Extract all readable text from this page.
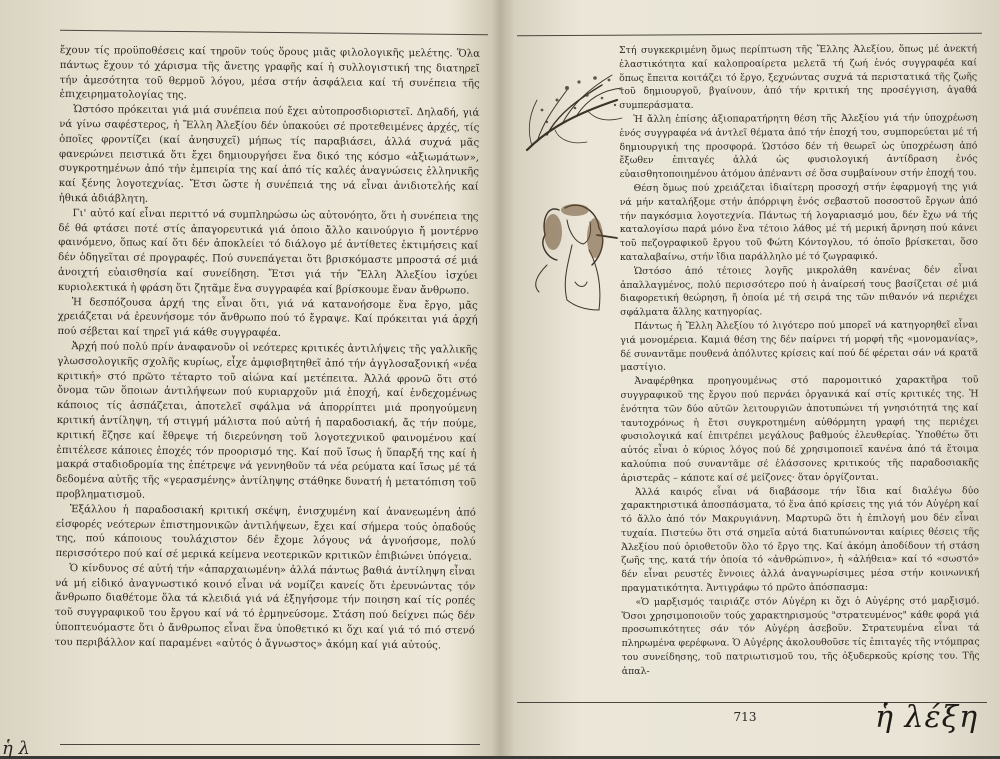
ἔχουν τίς προϋποθέσεις καί τηροῦν τούς ὅρους μιᾶς φιλολογικῆς μελέτης. Ὅλα πάντως ἔχουν τό χάρισμα τῆς ἄνετης γραφῆς καί ἡ συλλογιστική της διατηρεῖ τήν ἀμεσότητα τοῦ θερμοῦ λόγου, μέσα στήν ἀσφάλεια καί τή συνέπεια τῆς ἐπιχειρηματολογίας της.

Ὡστόσο πρόκειται γιά μιά συνέπεια πού ἔχει αὐτοπροσδιοριστεῖ. Δηλαδή, γιά νά γίνω σαφέστερος, ἡ Ἔλλη Ἀλεξίου δέν ὑπακούει σέ προτεθειμένες ἀρχές, τίς ὁποῖες φροντίζει (καί ἀνησυχεῖ) μήπως τίς παραβιάσει, ἀλλά συχνά μᾶς φανερώνει πειστικά ὅτι ἔχει δημιουργήσει ἕνα δικό της κόσμο «ἀξιωμάτων», συγκροτημένων ἀπό τήν ἐμπειρία της καί ἀπό τίς καλές ἀναγνώσεις ἑλληνικῆς καί ξένης λογοτεχνίας. Ἔτσι ὥστε ἡ συνέπειά της νά εἶναι ἀνιδιοτελής καί ἠθικά ἀδιάβλητη.

Γι' αὐτό καί εἶναι περιττό νά συμπληρώσω ὡς αὐτονόητο, ὅτι ἡ συνέπεια της δέ θά φτάσει ποτέ στίς ἀπαγορευτικά γιά ὁποιο ἄλλο καινούργιο ἤ μοντέρνο φαινόμενο, ὅπως καί ὅτι δέν ἀποκλείει τό διάλογο μέ ἀντίθετες ἐκτιμήσεις καί δέν ὁδηγεῖται σέ προγραφές. Πού συνεπάγεται ὅτι βρισκόμαστε μπροστά σέ μιά ἀνοιχτή εὐαισθησία καί συνείδηση. Ἔτσι γιά τήν Ἔλλη Ἀλεξίου ἰσχύει κυριολεκτικά ἡ φράση ὅτι ζητᾶμε ἕνα συγγραφέα καί βρίσκουμε ἕναν ἄνθρωπο.

Ἡ δεσπόζουσα ἀρχή της εἶναι ὅτι, γιά νά κατανοήσομε ἕνα ἔργο, μᾶς χρειάζεται νά ἐρευνήσομε τόν ἄνθρωπο πού τό ἔγραψε. Καί πρόκειται γιά ἀρχή πού σέβεται καί τηρεῖ γιά κάθε συγγραφέα.

Ἀρχή πού πολύ πρίν ἀναφανοῦν οἱ νεότερες κριτικές ἀντιλήψεις τῆς γαλλικῆς γλωσσολογικῆς σχολῆς κυρίως, εἶχε ἀμφισβητηθεῖ ἀπό τήν ἀγγλοσαξονική «νέα κριτική» στό πρῶτο τέταρτο τοῦ αἰώνα καί μετέπειτα. Ἀλλά φρονῶ ὅτι στό ὄνομα τῶν ὅποιων ἀντιλήψεων πού κυριαρχοῦν μιά ἐποχή, καί ἐνδεχομένως κάποιος τίς ἀσπάζεται, ἀποτελεῖ σφάλμα νά ἀπορρίπτει μιά προηγούμενη κριτική ἀντίληψη, τή στιγμή μάλιστα πού αὐτή ἡ παραδοσιακή, ἄς τήν πούμε, κριτική ἔζησε καί ἔθρεψε τή διερεύνηση τοῦ λογοτεχνικοῦ φαινομένου καί ἐπιτέλεσε κάποιες ἐποχές τόν προορισμό της. Καί ποῦ ἴσως ἡ ὕπαρξή της καί ἡ μακρά σταδιοδρομία της ἐπέτρεψε νά γεννηθοῦν τά νέα ρεύματα καί ἴσως μέ τά δεδομένα αὐτῆς τῆς «γερασμένης» ἀντίληψης στάθηκε δυνατή ἡ μετατόπιση τοῦ προβληματισμοῦ.

Ἐξάλλου ἡ παραδοσιακή κριτική σκέψη, ἐνισχυμένη καί ἀνανεωμένη ἀπό εἰσφορές νεότερων ἐπιστημονικῶν ἀντιλήψεων, ἔχει καί σήμερα τούς ὀπαδούς της, πού κάποιους τουλάχιστον δέν ἔχομε λόγους νά ἀγνοήσομε, πολύ περισσότερο πού καί σέ μερικά κείμενα νεοτερικῶν κριτικῶν ἐπιβιώνει ὑπόγεια.

Ὁ κίνδυνος σέ αὐτή τήν «ἀπαρχαιωμένη» ἀλλά πάντως βαθιά ἀντίληψη εἶναι νά μή εἰδικό ἀναγνωστικό κοινό εἶναι νά νομίζει κανείς ὅτι ἐρευνώντας τόν ἄνθρωπο διαθέτομε ὅλα τά κλειδιά γιά νά ἐξηγήσομε τήν ποιηση καί τίς ροπές τοῦ συγγραφικοῦ του ἔργου καί νά τό ἑρμηνεύσομε. Στάση πού δείχνει πώς δέν ὑποπτευόμαστε ὅτι ὁ ἄνθρωπος εἶναι ἕνα ὑποθετικό κι ὅχι καί γιά τό πιό στενό του περιβάλλον καί παραμένει «αὐτός ὁ ἄγνωστος» ἀκόμη καί γιά αὐτούς.

ἡ λ

Στή συγκεκριμένη ὅμως περίπτωση τῆς Ἔλλης Ἀλεξίου, ὅπως μέ ἀνεκτή ἐλαστικότητα καί καλοπροαίρετα μελετᾶ τή ζωή ἑνός συγγραφέα καί ὅπως ἔπειτα κοιτάζει τό ἔργο, ξεχνώντας συχνά τά περιστατικά τῆς ζωῆς τοῦ δημιουργοῦ, βγαίνουν, ἀπό τήν κριτική της προσέγγιση, ἀγαθά συμπεράσματα.

Ἡ ἄλλη ἐπίσης ἀξιοπαρατήρητη θέση τῆς Ἀλεξίου γιά τήν ὑποχρέωση ἑνός συγγραφέα νά ἀντλεῖ θέματα ἀπό τήν ἐποχή του, συμπορεύεται μέ τή δημιουργική της προσφορά. Ὡστόσο δέν τή θεωρεῖ ὡς ὑποχρέωση ἀπό ἔξωθεν ἐπιταγές ἀλλά ὡς φυσιολογική ἀντίδραση ἑνός εὐαισθητοποιημένου ἀτόμου ἀπέναντι σέ ὅσα συμβαίνουν στήν ἐποχή του.

Θέση ὅμως πού χρειάζεται ἰδιαίτερη προσοχή στήν ἐφαρμογή της γιά νά μήν καταλήξομε στήν ἀπόρριψη ἑνός σεβαστοῦ ποσοστοῦ ἔργων ἀπό τήν παγκόσμια λογοτεχνία. Πάντως τή λογαριασμό μου, δέν ἔχω νά τής καταλογίσω παρά μόνο ἕνα τέτοιο λάθος μέ τή μερική ἄρνηση πού κάνει τοῦ πεζογραφικοῦ ἔργου τοῦ Φώτη Κόντογλου, τό ὁποῖο βρίσκεται, ὅσο καταλαβαίνω, στήν ἴδια παράλληλο μέ τό ζωγραφικό.

Ὡστόσο ἀπό τέτοιες λογῆς μικρολάθη κανένας δέν εἶναι ἀπαλλαγμένος, πολύ περισσότερο πού ἡ ἀναίρεσή τους βασίζεται σέ μιά διαφορετική θεώρηση, ἤ ὁποία μέ τή σειρά της τῶν πιθανόν νά περιέχει σφάλματα ἄλλης κατηγορίας.

Πάντως ἡ Ἔλλη Ἀλεξίου τό λιγότερο πού μπορεῖ νά κατηγορηθεῖ εἶναι γιά μονομέρεια. Καμιά θέση της δέν παίρνει τή μορφή τῆς «μονομανίας», δέ συναντᾶμε πουθενά ἀπόλυτες κρίσεις καί πού δέ φέρεται σάν νά κρατᾶ μαστίγιο.

Ἀναφέρθηκα προηγουμένως στό παρομοιτικό χαρακτῆρα τοῦ συγγραφικοῦ της ἔργου πού περνάει ὀργανικά καί στίς κριτικές της. Ἡ ἑνότητα τῶν δύο αὐτῶν λειτουργιῶν ἀποτυπώνει τή γνησιότητά της καί ταυτοχρόνως ἡ ἔτσι συγκροτημένη αὐθόρμητη γραφή της περιέχει φυσιολογικά καί ἐπιτρέπει μεγάλους βαθμούς ἐλευθερίας. Ὑποθέτω ὅτι αὐτός εἶναι ὁ κύριος λόγος πού δέ χρησιμοποιεῖ κανένα ἀπό τά ἕτοιμα καλούπια πού συναντᾶμε σέ ἐλάσσονες κριτικούς τῆς παραδοσιακῆς ἀριστερᾶς – κάποτε καί σέ μείζονες· ὅταν ὀργίζονται.

Ἀλλά καιρός εἶναι νά διαβάσομε τήν ἴδια καί διαλέγω δύο χαρακτηριστικά ἀποσπάσματα, τό ἕνα ἀπό κρίσεις της γιά τόν Αὐγέρη καί τό ἄλλο ἀπό τόν Μακρυγιάννη. Μαρτυρῶ ὅτι ἡ ἐπιλογή μου δέν εἶναι τυχαία. Πιστεύω ὅτι στά σημεῖα αὐτά διατυπώνονται καίριες θέσεις τῆς Ἀλεξίου πού ὁριοθετοῦν ὅλο τό ἔργο της. Καί ἀκόμη ἀποδίδουν τή στάση ζωῆς της, κατά τήν ὁποία τό «ἀνθρώπινο», ἡ «ἀλήθεια» καί τό «σωστό» δέν εἶναι ρευστές ἔννοιες ἀλλά ἀναγνωρίσιμες μέσα στήν κοινωνική πραγματικότητα. Ἀντιγράφω τό πρῶτο ἀπόσπασμα:

«Ὁ μαρξισμός ταιριάζε στόν Αὐγέρη κι ὄχι ὁ Αὐγέρης στό μαρξισμό. Ὅσοι χρησιμοποιοῦν τούς χαρακτηρισμούς "στρατευμένος" κάθε φορά γιά προσωπικότητες σάν τόν Αὐγέρη ἀσεβοῦν. Στρατευμένα εἶναι τά πληρωμένα φερέφωνα. Ὁ Αὐγέρης ἀκολουθοῦσε τίς ἐπιταγές τῆς ντόμπρας του συνείδησης, τοῦ πατριωτισμοῦ του, τῆς ὀξυδερκοῦς κρίσης του. Τῆς ἀπαλ-

713	ἡ λέξη
